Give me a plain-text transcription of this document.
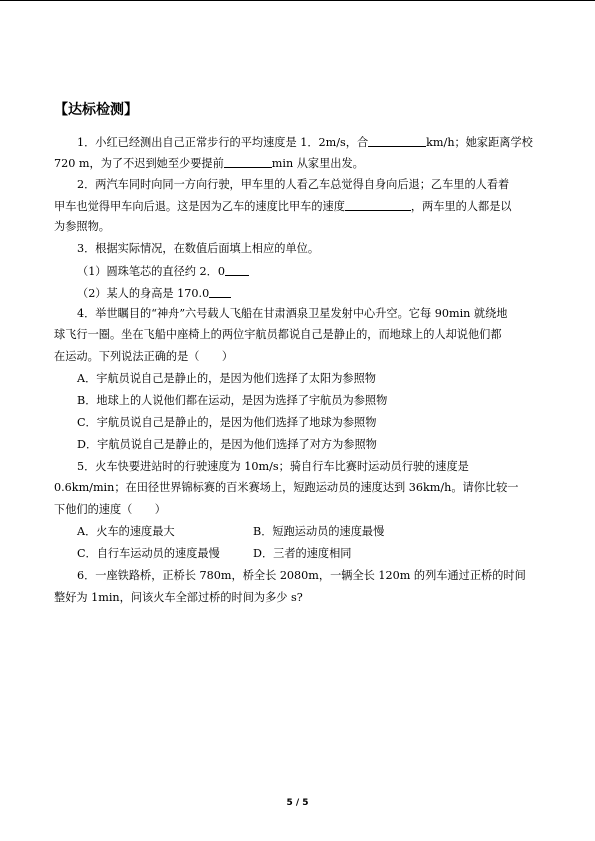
【达标检测】
1．小红已经测出自己正常步行的平均速度是 1．2m/s，合	km/h；她家距离学校
720 m，为了不迟到她至少要提前	min 从家里出发。
2．两汽车同时向同一方向行驶，甲车里的人看乙车总觉得自身向后退；乙车里的人看着
甲车也觉得甲车向后退。这是因为乙车的速度比甲车的速度	，两车里的人都是以
为参照物。
3．根据实际情况，在数值后面填上相应的单位。
（1）圆珠笔芯的直径约 2．0
（2）某人的身高是 170.0
4．举世瞩目的“神舟”六号载人飞船在甘肃酒泉卫星发射中心升空。它每 90min 就绕地
球飞行一圈。坐在飞船中座椅上的两位宇航员都说自己是静止的，而地球上的人却说他们都
在运动。下列说法正确的是（　　）
A．宇航员说自己是静止的，是因为他们选择了太阳为参照物
B．地球上的人说他们都在运动，是因为选择了宇航员为参照物
C．宇航员说自己是静止的，是因为他们选择了地球为参照物
D．宇航员说自己是静止的，是因为他们选择了对方为参照物
5．火车快要进站时的行驶速度为 10m/s；骑自行车比赛时运动员行驶的速度是
0.6km/min；在田径世界锦标赛的百米赛场上，短跑运动员的速度达到 36km/h。请你比较一
下他们的速度（　　）
A．火车的速度最大	B．短跑运动员的速度最慢
C．自行车运动员的速度最慢	D．三者的速度相同
6．一座铁路桥，正桥长 780m，桥全长 2080m，一辆全长 120m 的列车通过正桥的时间
整好为 1min，问该火车全部过桥的时间为多少 s?
5 / 5
